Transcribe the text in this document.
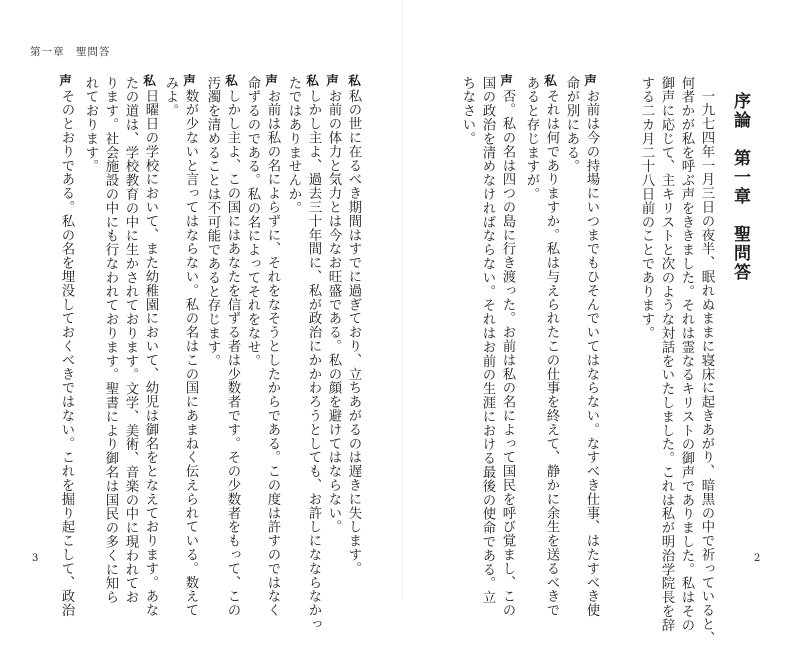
第一章　聖問答
3	2
序論　第一章　聖問答
一九七四年一月三日の夜半、眠れぬままに寝床に起きあがり、暗黒の中で祈っていると、
何者かが私を呼ぶ声をききました。それは霊なるキリストの御声でありました。私はその
御声に応じて、主キリストと次のような対話をいたしました。これは私が明治学院長を辞
する二カ月二十八日前のことであります。
声
お前は今の持場にいつまでもひそんでいてはならない。なすべき仕事、はたすべき使
命が別にある。
私
それは何でありますか。私は与えられたこの仕事を終えて、静かに余生を送るべきで
あると存じますが。
声
否。私の名は四つの島に行き渡った。お前は私の名によって国民を呼び覚まし、この
国の政治を清めなければならない。それはお前の生涯における最後の使命である。立
ちなさい。
私
私の世に在るべき期間はすでに過ぎており、立ちあがるのは遅きに失します。
声
お前の体力と気力とは今なお旺盛である。私の顔を避けてはならない。
私
しかし主よ、過去三十年間に、私が政治にかかわろうとしても、お許しになならなかっ
たではありませんか。
声
お前は私の名によらずに、それをなそうとしたからである。この度は許すのではなく
命ずるのである。私の名によってそれをなせ。
私
しかし主よ、この国にはあなたを信ずる者は少数者です。その少数者をもって、この
汚濁を清めることは不可能であると存じます。
声
数が少ないと言ってはならない。私の名はこの国にあまねく伝えられている。数えて
みよ。
私
日曜日の学校において、また幼稚園において、幼児は御名をとなえております。あな
たの道は、学校教育の中に生かされております。文学、美術、音楽の中に現われてお
ります。社会施設の中にも行なわれております。聖書により御名は国民の多くに知ら
れております。
声
そのとおりである。私の名を埋没しておくべきではない。これを掘り起こして、政治
